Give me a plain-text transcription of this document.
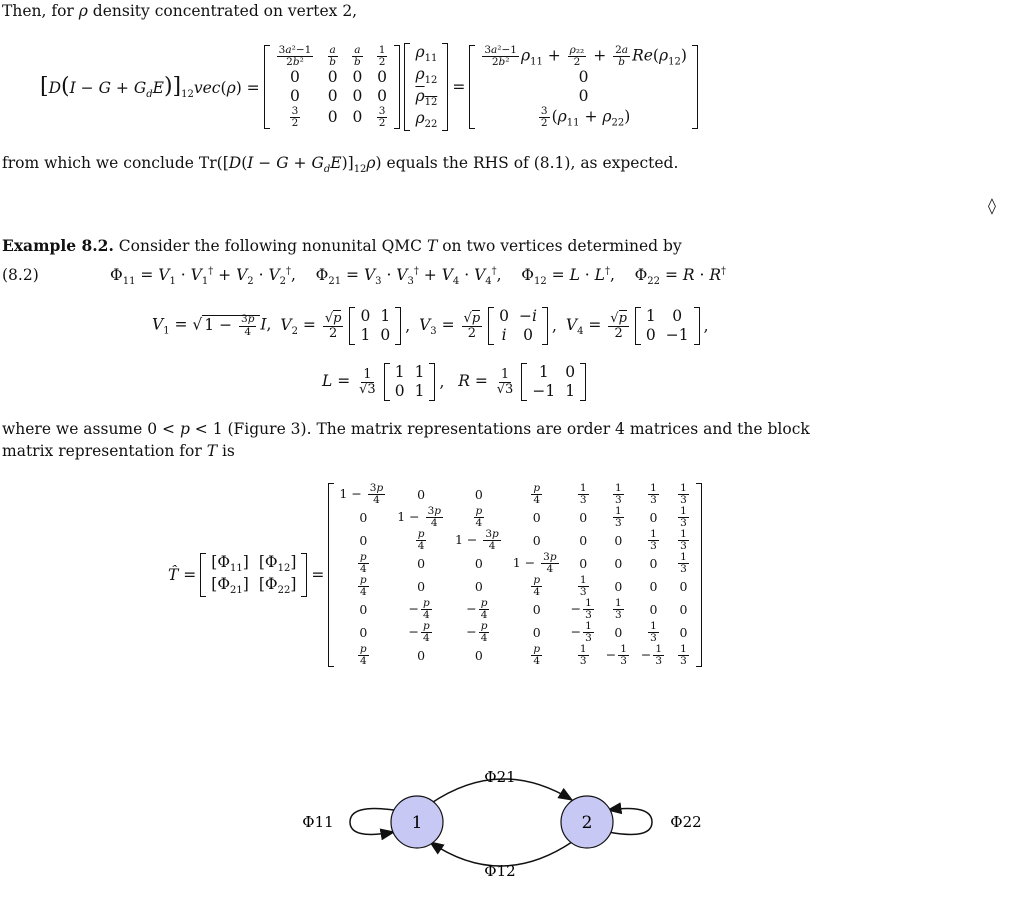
Then, for ρ density concentrated on vertex 2,
$[D(I - G + G_dE)]_{12}vec(\rho)$ =
$\frac{\text{3a²−1}}{\text{2b²}}$	$\frac{a}{b}$	$\frac{a}{b}$	$\frac{1}{2}$

0	0	0	0
0	0	0	0

$\frac{3}{2}$	0	0	$\frac{3}{2}$
$\rho_{11}$
$\rho_{12}$
$\overline{\rho}_{12}$
$\rho_{22}$
=
$\frac{\text{3a²−1}}{\text{2b²}} \rho_{11} + \frac{\text{ρ₂₂}}{2} + \frac{2a}{b} Re(\rho_{12})$
0
0

$\frac{3}{2} (\rho_{11} + \rho_{22})$
from which we conclude $Tr([D(I - G + G_dE)]_{12}\rho)$ equals the RHS of (8.1), as expected.
◊
Example 8.2. Consider the following nonunital QMC T on two vertices determined by
(8.2)	$\Phi_{11} = V_1 \cdot V_1^\dagger + V_2 \cdot V_2^\dagger$,    $\Phi_{21} = V_3 \cdot V_3^\dagger + V_4 \cdot V_4^\dagger$,    $\Phi_{12} = L \cdot L^\dagger$,    $\Phi_{22} = R \cdot R^\dagger$
$V_1$ = √ $1 - \frac{3p}{4} I$, $V_2 = \frac{√p}{2} 0$	1
1	0 , $V_3 = \frac{√p}{2} 0$	−i
i	0 , $V_4 = \frac{√p}{2} 1$	0
0	−1 ,
$L = \frac{1}{√3} 1$	1
0	1 , $R = \frac{1}{√3} 1$	0
−1	1
where we assume 0 < p < 1 (Figure 3). The matrix representations are order 4 matrices and the block
matrix representation for T is
T̂ =
$[\Phi_{11}]$	$[\Phi_{12}]$
$[\Phi_{21}]$	$[\Phi_{22}]$ =
$1 - \frac{3p}{4}$	0	0	$\frac{p}{4}$	$\frac{1}{3}$	$\frac{1}{3}$	$\frac{1}{3}$	$\frac{1}{3}$

0	$1 - \frac{3p}{4}$	$\frac{p}{4}$	0	0	$\frac{1}{3}$	0	$\frac{1}{3}$

0	$\frac{p}{4}$	$1 - \frac{3p}{4}$	0	0	0	$\frac{1}{3}$	$\frac{1}{3}$

$\frac{p}{4}$	0	0	$1 - \frac{3p}{4}$	0	0	0	$\frac{1}{3}$

$\frac{p}{4}$	0	0	$\frac{p}{4}$	$\frac{1}{3}$	0	0	0
0	− $\frac{p}{4}$	− $\frac{p}{4}$	0	− $\frac{1}{3}$	$\frac{1}{3}$	0	0
0	− $\frac{p}{4}$	− $\frac{p}{4}$	0	− $\frac{1}{3}$	0	$\frac{1}{3}$	0

$\frac{p}{4}$	0	0	$\frac{p}{4}$	$\frac{1}{3}$	− $\frac{1}{3}$	− $\frac{1}{3}$	$\frac{1}{3}$
1	2
Φ21
Φ12
Φ11	Φ22
